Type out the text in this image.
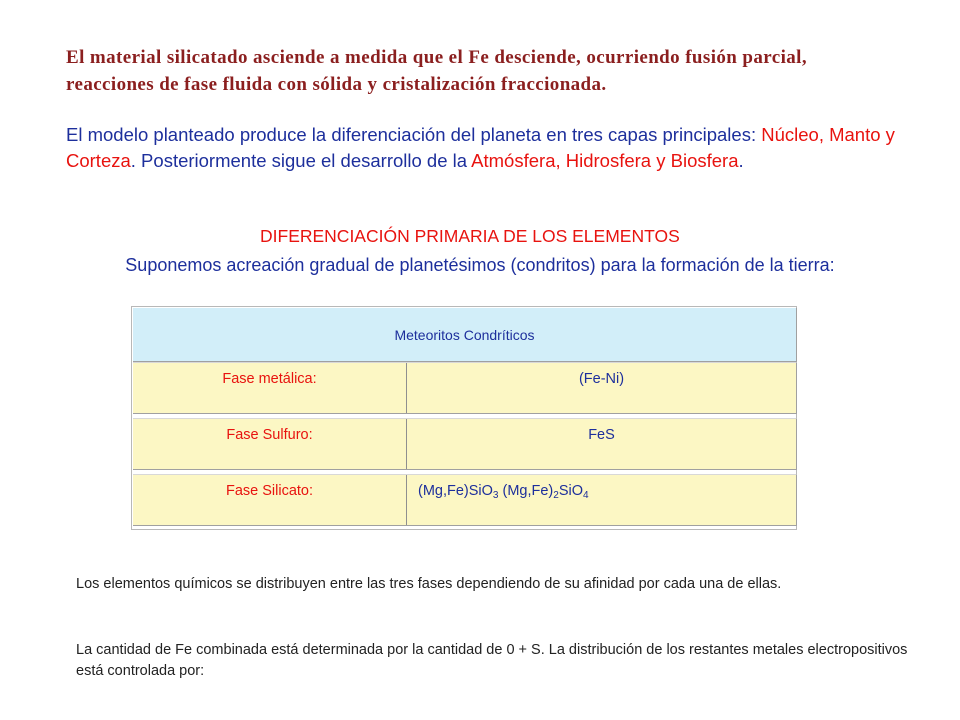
El material silicatado asciende a medida que el Fe desciende, ocurriendo fusión parcial, reacciones de fase fluida con sólida y cristalización fraccionada.

El modelo planteado produce la diferenciación del planeta en tres capas principales: Núcleo, Manto y Corteza. Posteriormente sigue el desarrollo de la Atmósfera, Hidrosfera y Biosfera.

DIFERENCIACIÓN PRIMARIA DE LOS ELEMENTOS

Suponemos acreación gradual de planetésimos (condritos) para la formación de la tierra:

Meteoritos Condríticos
Fase metálica:	(Fe-Ni)
Fase Sulfuro:	FeS
Fase Silicato:	(Mg,Fe)SiO$_3$ $(Mg,Fe)_2SiO_4$

Los elementos químicos se distribuyen entre las tres fases dependiendo de su afinidad por cada una de ellas.

La cantidad de Fe combinada está determinada por la cantidad de 0 + S. La distribución de los restantes metales electropositivos está controlada por:
